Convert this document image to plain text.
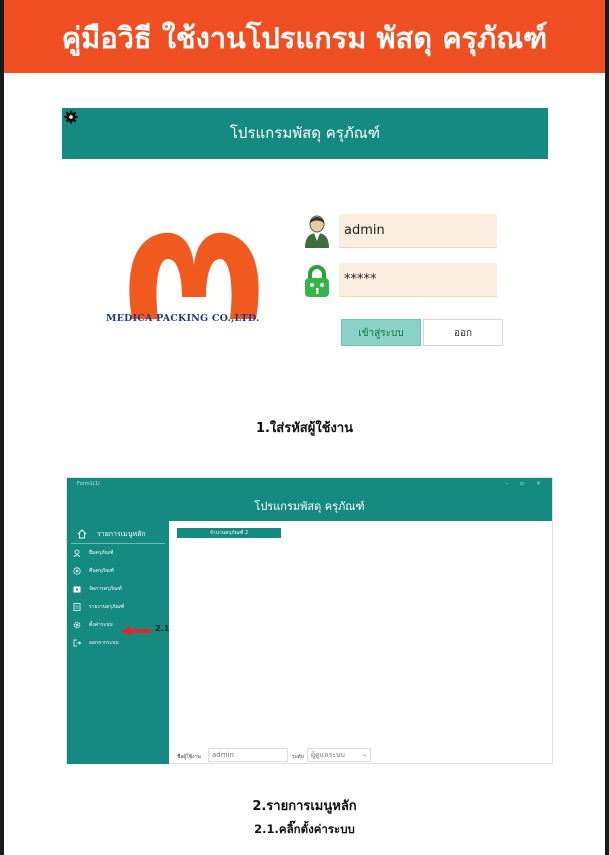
คู่มือวิธี ใช้งานโปรแกรม พัสดุ ครุภัณฑ์
โปรแกรมพัสดุ ครุภัณฑ์
MEDICA PACKING CO.,LTD.
admin
*****
เข้าสู่ระบบ	ออก
1.ใส่รหัสผู้ใช้งาน
Form1(1)	– ▫ ×
โปรแกรมพัสดุ ครุภัณฑ์
รายการเมนูหลัก
ยืมครุภัณฑ์
คืนครุภัณฑ์
จัดการครุภัณฑ์
รายงานครุภัณฑ์
ตั้งค่าระบบ
ออกจากระบบ
2.1
จำนวนครุภัณฑ์ 2
ชื่อผู้ใช้งาน	admin	ระดับ	ผู้ดูแลระบบ	⌄
2.รายการเมนูหลัก
2.1.คลิ๊กตั้งค่าระบบ
